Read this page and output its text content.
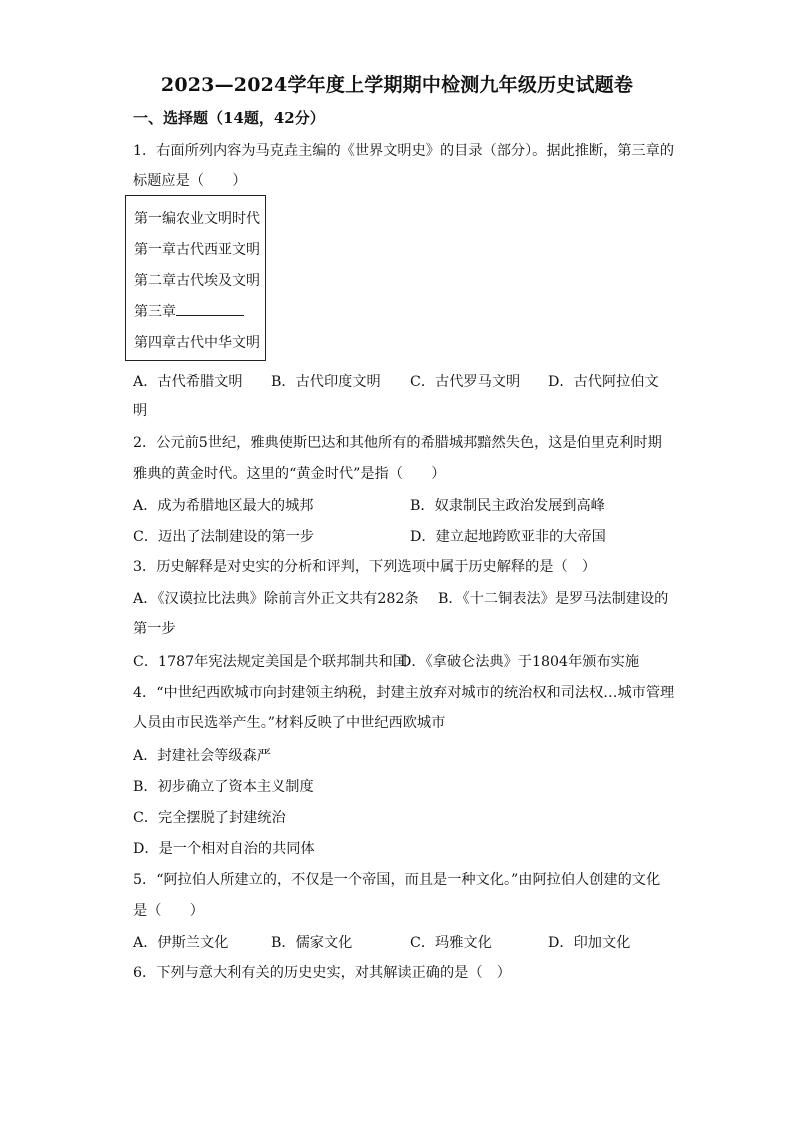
2023—2024学年度上学期期中检测九年级历史试题卷
一、选择题（14题，42分）
1．右面所列内容为马克垚主编的《世界文明史》的目录（部分）。据此推断，第三章的
标题应是（　　）
第一编农业文明时代
第一章古代西亚文明
第二章古代埃及文明
第三章
第四章古代中华文明
A．古代希腊文明 B．古代印度文明 C．古代罗马文明 D．古代阿拉伯文
明
2．公元前5世纪，雅典使斯巴达和其他所有的希腊城邦黯然失色，这是伯里克利时期
雅典的黄金时代。这里的“黄金时代”是指（　　）
A．成为希腊地区最大的城邦	B．奴隶制民主政治发展到高峰
C．迈出了法制建设的第一步	D．建立起地跨欧亚非的大帝国
3．历史解释是对史实的分析和评判，下列选项中属于历史解释的是（　）
A．《汉谟拉比法典》除前言外正文共有282条 B．《十二铜表法》是罗马法制建设的
第一步
C．1787年宪法规定美国是个联邦制共和国
D．《拿破仑法典》于1804年颁布实施
4．“中世纪西欧城市向封建领主纳税，封建主放弃对城市的统治权和司法权…城市管理
人员由市民选举产生。”材料反映了中世纪西欧城市
A．封建社会等级森严
B．初步确立了资本主义制度
C．完全摆脱了封建统治
D．是一个相对自治的共同体
5．“阿拉伯人所建立的，不仅是一个帝国，而且是一种文化。”由阿拉伯人创建的文化
是（　　）
A．伊斯兰文化	B．儒家文化	C．玛雅文化	D．印加文化
6．下列与意大利有关的历史史实，对其解读正确的是（　）
